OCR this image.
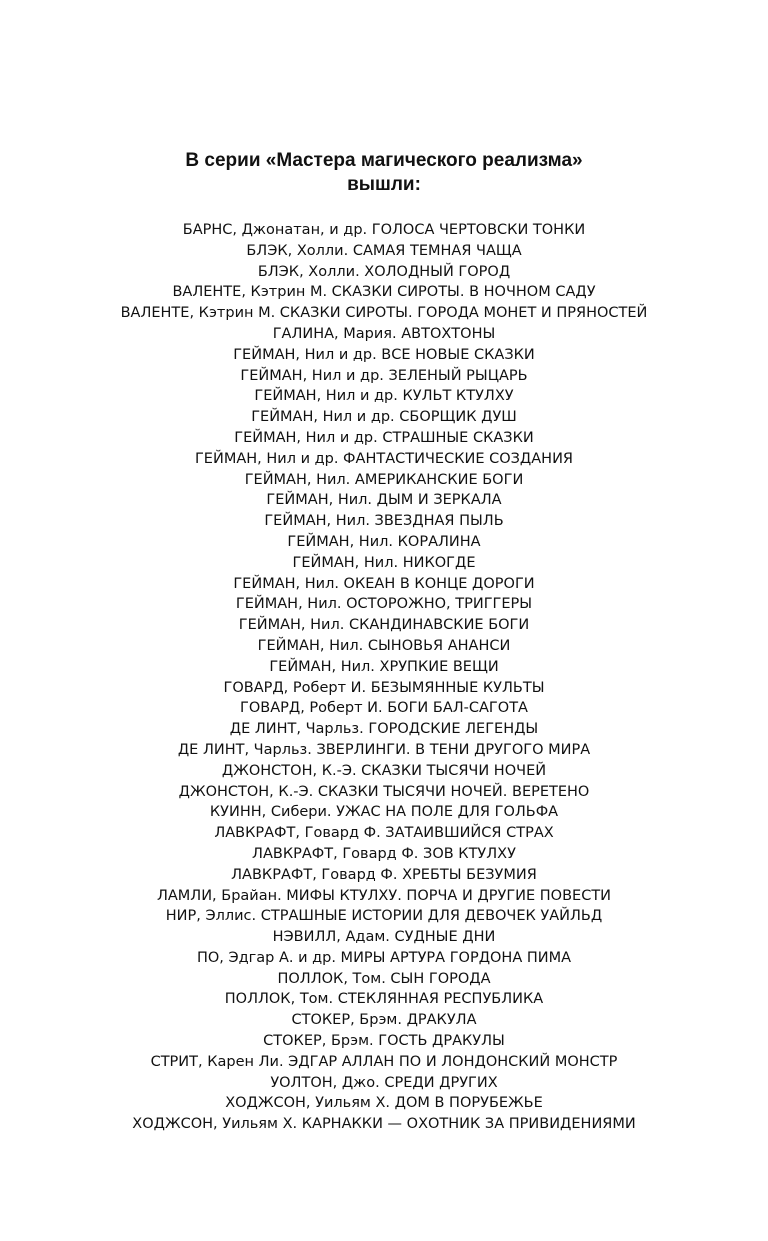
В серии «Мастера магического реализма»
вышли:
БАРНС, Джонатан, и др. ГОЛОСА ЧЕРТОВСКИ ТОНКИ
БЛЭК, Холли. САМАЯ ТЕМНАЯ ЧАЩА
БЛЭК, Холли. ХОЛОДНЫЙ ГОРОД
ВАЛЕНТЕ, Кэтрин М. СКАЗКИ СИРОТЫ. В НОЧНОМ САДУ
ВАЛЕНТЕ, Кэтрин М. СКАЗКИ СИРОТЫ. ГОРОДА МОНЕТ И ПРЯНОСТЕЙ
ГАЛИНА, Мария. АВТОХТОНЫ
ГЕЙМАН, Нил и др. ВСЕ НОВЫЕ СКАЗКИ
ГЕЙМАН, Нил и др. ЗЕЛЕНЫЙ РЫЦАРЬ
ГЕЙМАН, Нил и др. КУЛЬТ КТУЛХУ
ГЕЙМАН, Нил и др. СБОРЩИК ДУШ
ГЕЙМАН, Нил и др. СТРАШНЫЕ СКАЗКИ
ГЕЙМАН, Нил и др. ФАНТАСТИЧЕСКИЕ СОЗДАНИЯ
ГЕЙМАН, Нил. АМЕРИКАНСКИЕ БОГИ
ГЕЙМАН, Нил. ДЫМ И ЗЕРКАЛА
ГЕЙМАН, Нил. ЗВЕЗДНАЯ ПЫЛЬ
ГЕЙМАН, Нил. КОРАЛИНА
ГЕЙМАН, Нил. НИКОГДЕ
ГЕЙМАН, Нил. ОКЕАН В КОНЦЕ ДОРОГИ
ГЕЙМАН, Нил. ОСТОРОЖНО, ТРИГГЕРЫ
ГЕЙМАН, Нил. СКАНДИНАВСКИЕ БОГИ
ГЕЙМАН, Нил. СЫНОВЬЯ АНАНСИ
ГЕЙМАН, Нил. ХРУПКИЕ ВЕЩИ
ГОВАРД, Роберт И. БЕЗЫМЯННЫЕ КУЛЬТЫ
ГОВАРД, Роберт И. БОГИ БАЛ-САГОТА
ДЕ ЛИНТ, Чарльз. ГОРОДСКИЕ ЛЕГЕНДЫ
ДЕ ЛИНТ, Чарльз. ЗВЕРЛИНГИ. В ТЕНИ ДРУГОГО МИРА
ДЖОНСТОН, К.-Э. СКАЗКИ ТЫСЯЧИ НОЧЕЙ
ДЖОНСТОН, К.-Э. СКАЗКИ ТЫСЯЧИ НОЧЕЙ. ВЕРЕТЕНО
КУИНН, Сибери. УЖАС НА ПОЛЕ ДЛЯ ГОЛЬФА
ЛАВКРАФТ, Говард Ф. ЗАТАИВШИЙСЯ СТРАХ
ЛАВКРАФТ, Говард Ф. ЗОВ КТУЛХУ
ЛАВКРАФТ, Говард Ф. ХРЕБТЫ БЕЗУМИЯ
ЛАМЛИ, Брайан. МИФЫ КТУЛХУ. ПОРЧА И ДРУГИЕ ПОВЕСТИ
НИР, Эллис. СТРАШНЫЕ ИСТОРИИ ДЛЯ ДЕВОЧЕК УАЙЛЬД
НЭВИЛЛ, Адам. СУДНЫЕ ДНИ
ПО, Эдгар А. и др. МИРЫ АРТУРА ГОРДОНА ПИМА
ПОЛЛОК, Том. СЫН ГОРОДА
ПОЛЛОК, Том. СТЕКЛЯННАЯ РЕСПУБЛИКА
СТОКЕР, Брэм. ДРАКУЛА
СТОКЕР, Брэм. ГОСТЬ ДРАКУЛЫ
СТРИТ, Карен Ли. ЭДГАР АЛЛАН ПО И ЛОНДОНСКИЙ МОНСТР
УОЛТОН, Джо. СРЕДИ ДРУГИХ
ХОДЖСОН, Уильям Х. ДОМ В ПОРУБЕЖЬЕ
ХОДЖСОН, Уильям Х. КАРНАККИ — ОХОТНИК ЗА ПРИВИДЕНИЯМИ
